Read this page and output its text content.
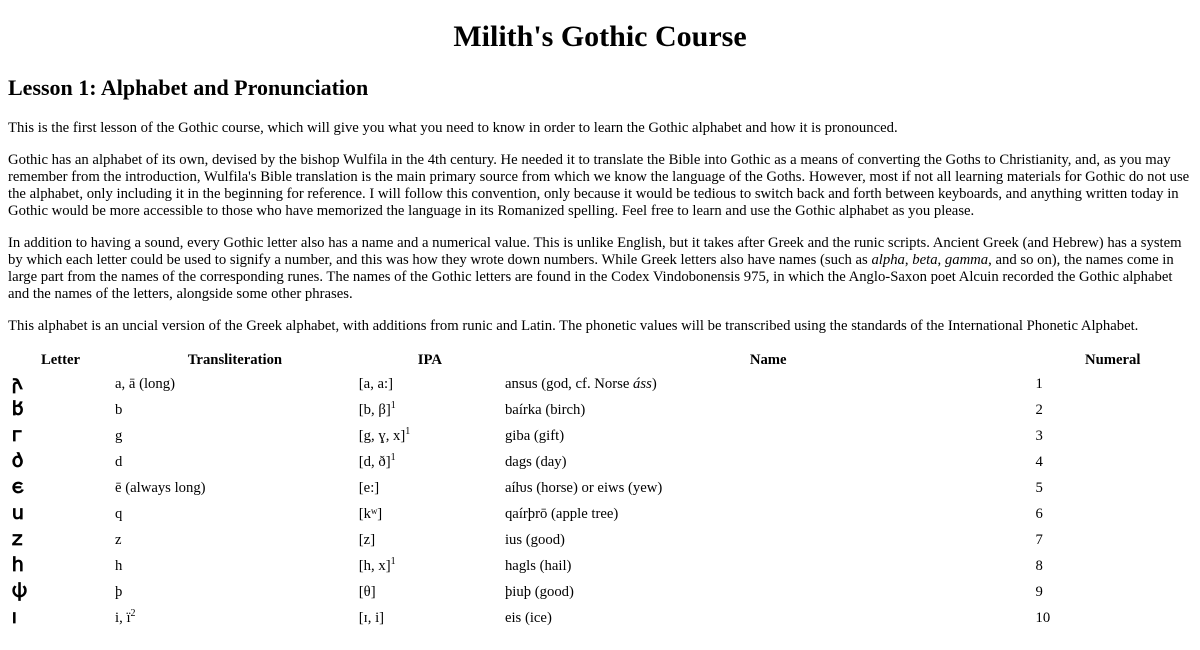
Milith's Gothic Course
Lesson 1: Alphabet and Pronunciation

This is the first lesson of the Gothic course, which will give you what you need to know in order to learn the Gothic alphabet and how it is pronounced.

Gothic has an alphabet of its own, devised by the bishop Wulfila in the 4th century. He needed it to translate the Bible into Gothic as a means of converting the Goths to Christianity, and, as you may remember from the introduction, Wulfila's Bible translation is the main primary source from which we know the language of the Goths. However, most if not all learning materials for Gothic do not use the alphabet, only including it in the beginning for reference. I will follow this convention, only because it would be tedious to switch back and forth between keyboards, and anything written today in Gothic would be more accessible to those who have memorized the language in its Romanized spelling. Feel free to learn and use the Gothic alphabet as you please.

In addition to having a sound, every Gothic letter also has a name and a numerical value. This is unlike English, but it takes after Greek and the runic scripts. Ancient Greek (and Hebrew) has a system by which each letter could be used to signify a number, and this was how they wrote down numbers. While Greek letters also have names (such as alpha, beta, gamma, and so on), the names come in large part from the names of the corresponding runes. The names of the Gothic letters are found in the Codex Vindobonensis 975, in which the Anglo-Saxon poet Alcuin recorded the Gothic alphabet and the names of the letters, alongside some other phrases.

This alphabet is an uncial version of the Greek alphabet, with additions from runic and Latin. The phonetic values will be transcribed using the standards of the International Phonetic Alphabet.

Letter	Transliteration	IPA	Name	Numeral
𐌰	a, ā (long)	[a, a:]	ansus (god, cf. Norse áss)	1
𐌱	b	[b, β]$^1$	baírka (birch)	2
𐌲	g	[g, ɣ, x]$^1$	giba (gift)	3
𐌳	d	[d, ð]$^1$	dags (day)	4
𐌴	ē (always long)	[e:]	aíƕs (horse) or eiws (yew)	5
𐌵	q	[kʷ]	qaírþrō (apple tree)	6
𐌶	z	[z]	ius (good)	7
𐌷	h	[h, x]$^1$	hagls (hail)	8
𐌸	þ	[θ]	þiuþ (good)	9
𐌹	i, $ï^2$	[ɪ, i]	eis (ice)	10
